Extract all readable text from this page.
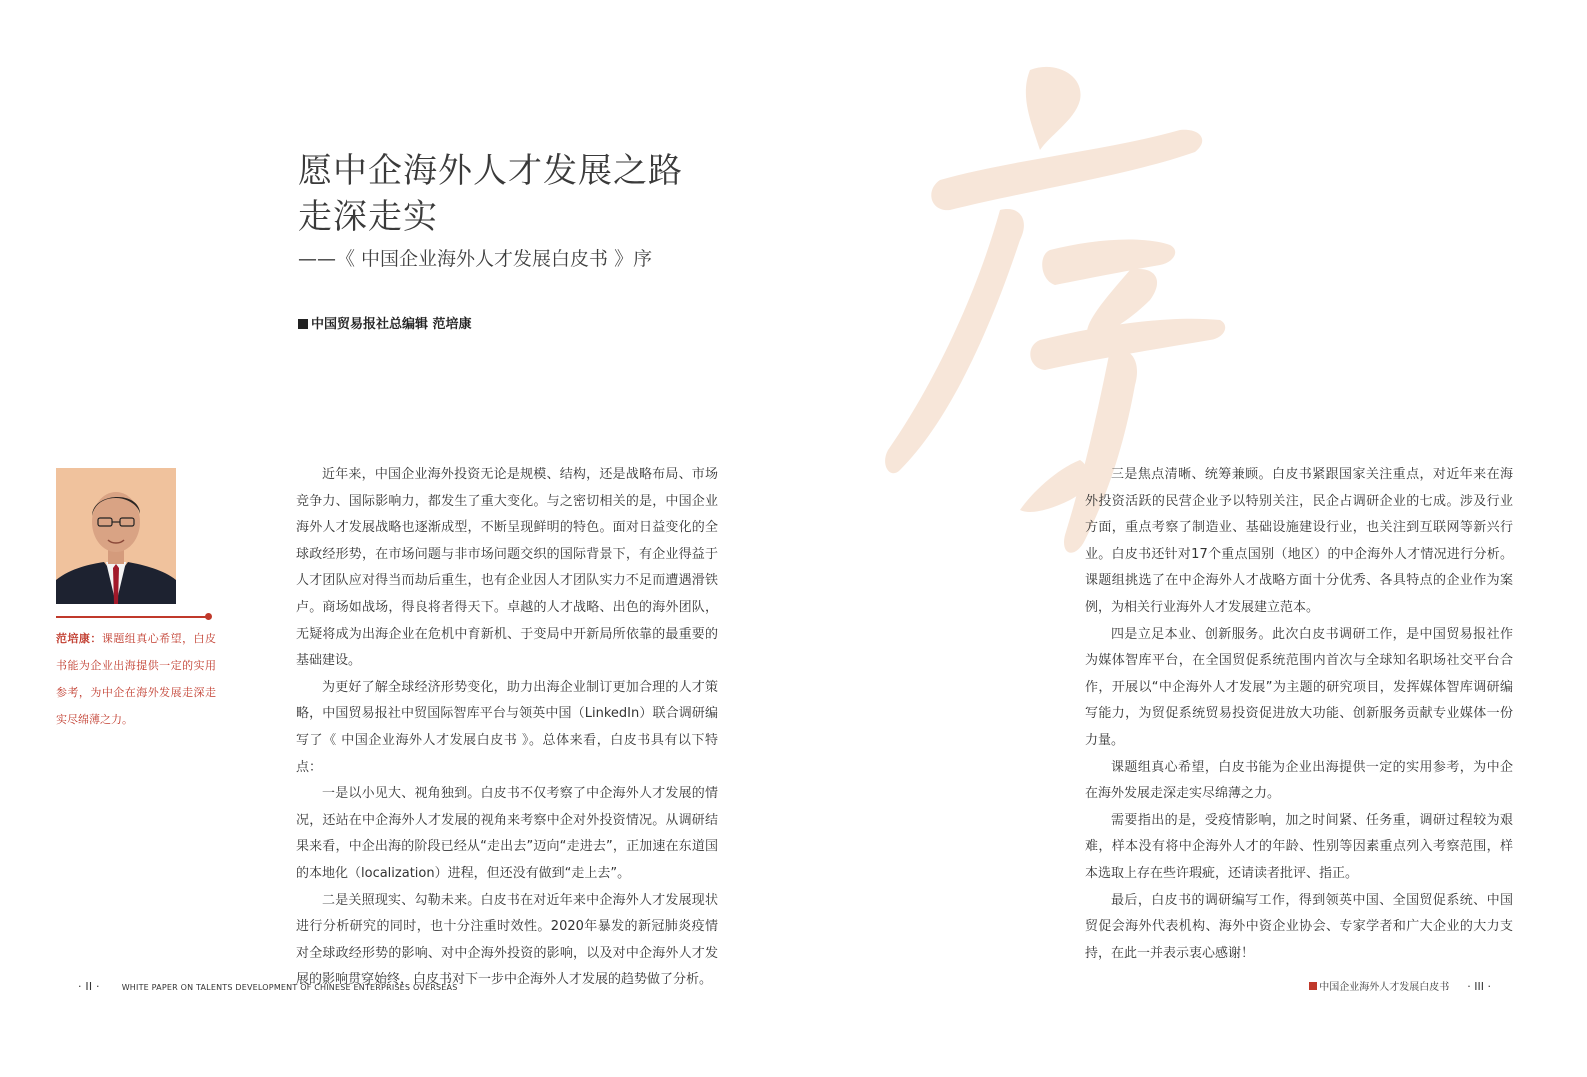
愿中企海外人才发展之路
走深走实
——《 中国企业海外人才发展白皮书 》序
中国贸易报社总编辑 范培康
范培康：课题组真心希望，白皮书能为企业出海提供一定的实用参考，为中企在海外发展走深走实尽绵薄之力。

近年来，中国企业海外投资无论是规模、结构，还是战略布局、市场竞争力、国际影响力，都发生了重大变化。与之密切相关的是，中国企业海外人才发展战略也逐渐成型，不断呈现鲜明的特色。面对日益变化的全球政经形势，在市场问题与非市场问题交织的国际背景下，有企业得益于人才团队应对得当而劫后重生，也有企业因人才团队实力不足而遭遇滑铁卢。商场如战场，得良将者得天下。卓越的人才战略、出色的海外团队，无疑将成为出海企业在危机中育新机、于变局中开新局所依靠的最重要的基础建设。

为更好了解全球经济形势变化，助力出海企业制订更加合理的人才策略，中国贸易报社中贸国际智库平台与领英中国（LinkedIn）联合调研编写了《 中国企业海外人才发展白皮书 》。总体来看，白皮书具有以下特点：

一是以小见大、视角独到。白皮书不仅考察了中企海外人才发展的情况，还站在中企海外人才发展的视角来考察中企对外投资情况。从调研结果来看，中企出海的阶段已经从“走出去”迈向“走进去”，正加速在东道国的本地化（localization）进程，但还没有做到“走上去”。

二是关照现实、勾勒未来。白皮书在对近年来中企海外人才发展现状进行分析研究的同时，也十分注重时效性。2020年暴发的新冠肺炎疫情对全球政经形势的影响、对中企海外投资的影响，以及对中企海外人才发展的影响贯穿始终，白皮书对下一步中企海外人才发展的趋势做了分析。

三是焦点清晰、统筹兼顾。白皮书紧跟国家关注重点，对近年来在海外投资活跃的民营企业予以特别关注，民企占调研企业的七成。涉及行业方面，重点考察了制造业、基础设施建设行业，也关注到互联网等新兴行业。白皮书还针对17个重点国别（地区）的中企海外人才情况进行分析。课题组挑选了在中企海外人才战略方面十分优秀、各具特点的企业作为案例，为相关行业海外人才发展建立范本。

四是立足本业、创新服务。此次白皮书调研工作，是中国贸易报社作为媒体智库平台，在全国贸促系统范围内首次与全球知名职场社交平台合作，开展以“中企海外人才发展”为主题的研究项目，发挥媒体智库调研编写能力，为贸促系统贸易投资促进放大功能、创新服务贡献专业媒体一份力量。

课题组真心希望，白皮书能为企业出海提供一定的实用参考，为中企在海外发展走深走实尽绵薄之力。

需要指出的是，受疫情影响，加之时间紧、任务重，调研过程较为艰难，样本没有将中企海外人才的年龄、性别等因素重点列入考察范围，样本选取上存在些许瑕疵，还请读者批评、指正。

最后，白皮书的调研编写工作，得到领英中国、全国贸促系统、中国贸促会海外代表机构、海外中资企业协会、专家学者和广大企业的大力支持，在此一并表示衷心感谢！

· II ·	WHITE PAPER ON TALENTS DEVELOPMENT OF CHINESE ENTERPRISES OVERSEAS	中国企业海外人才发展白皮书 · III ·
